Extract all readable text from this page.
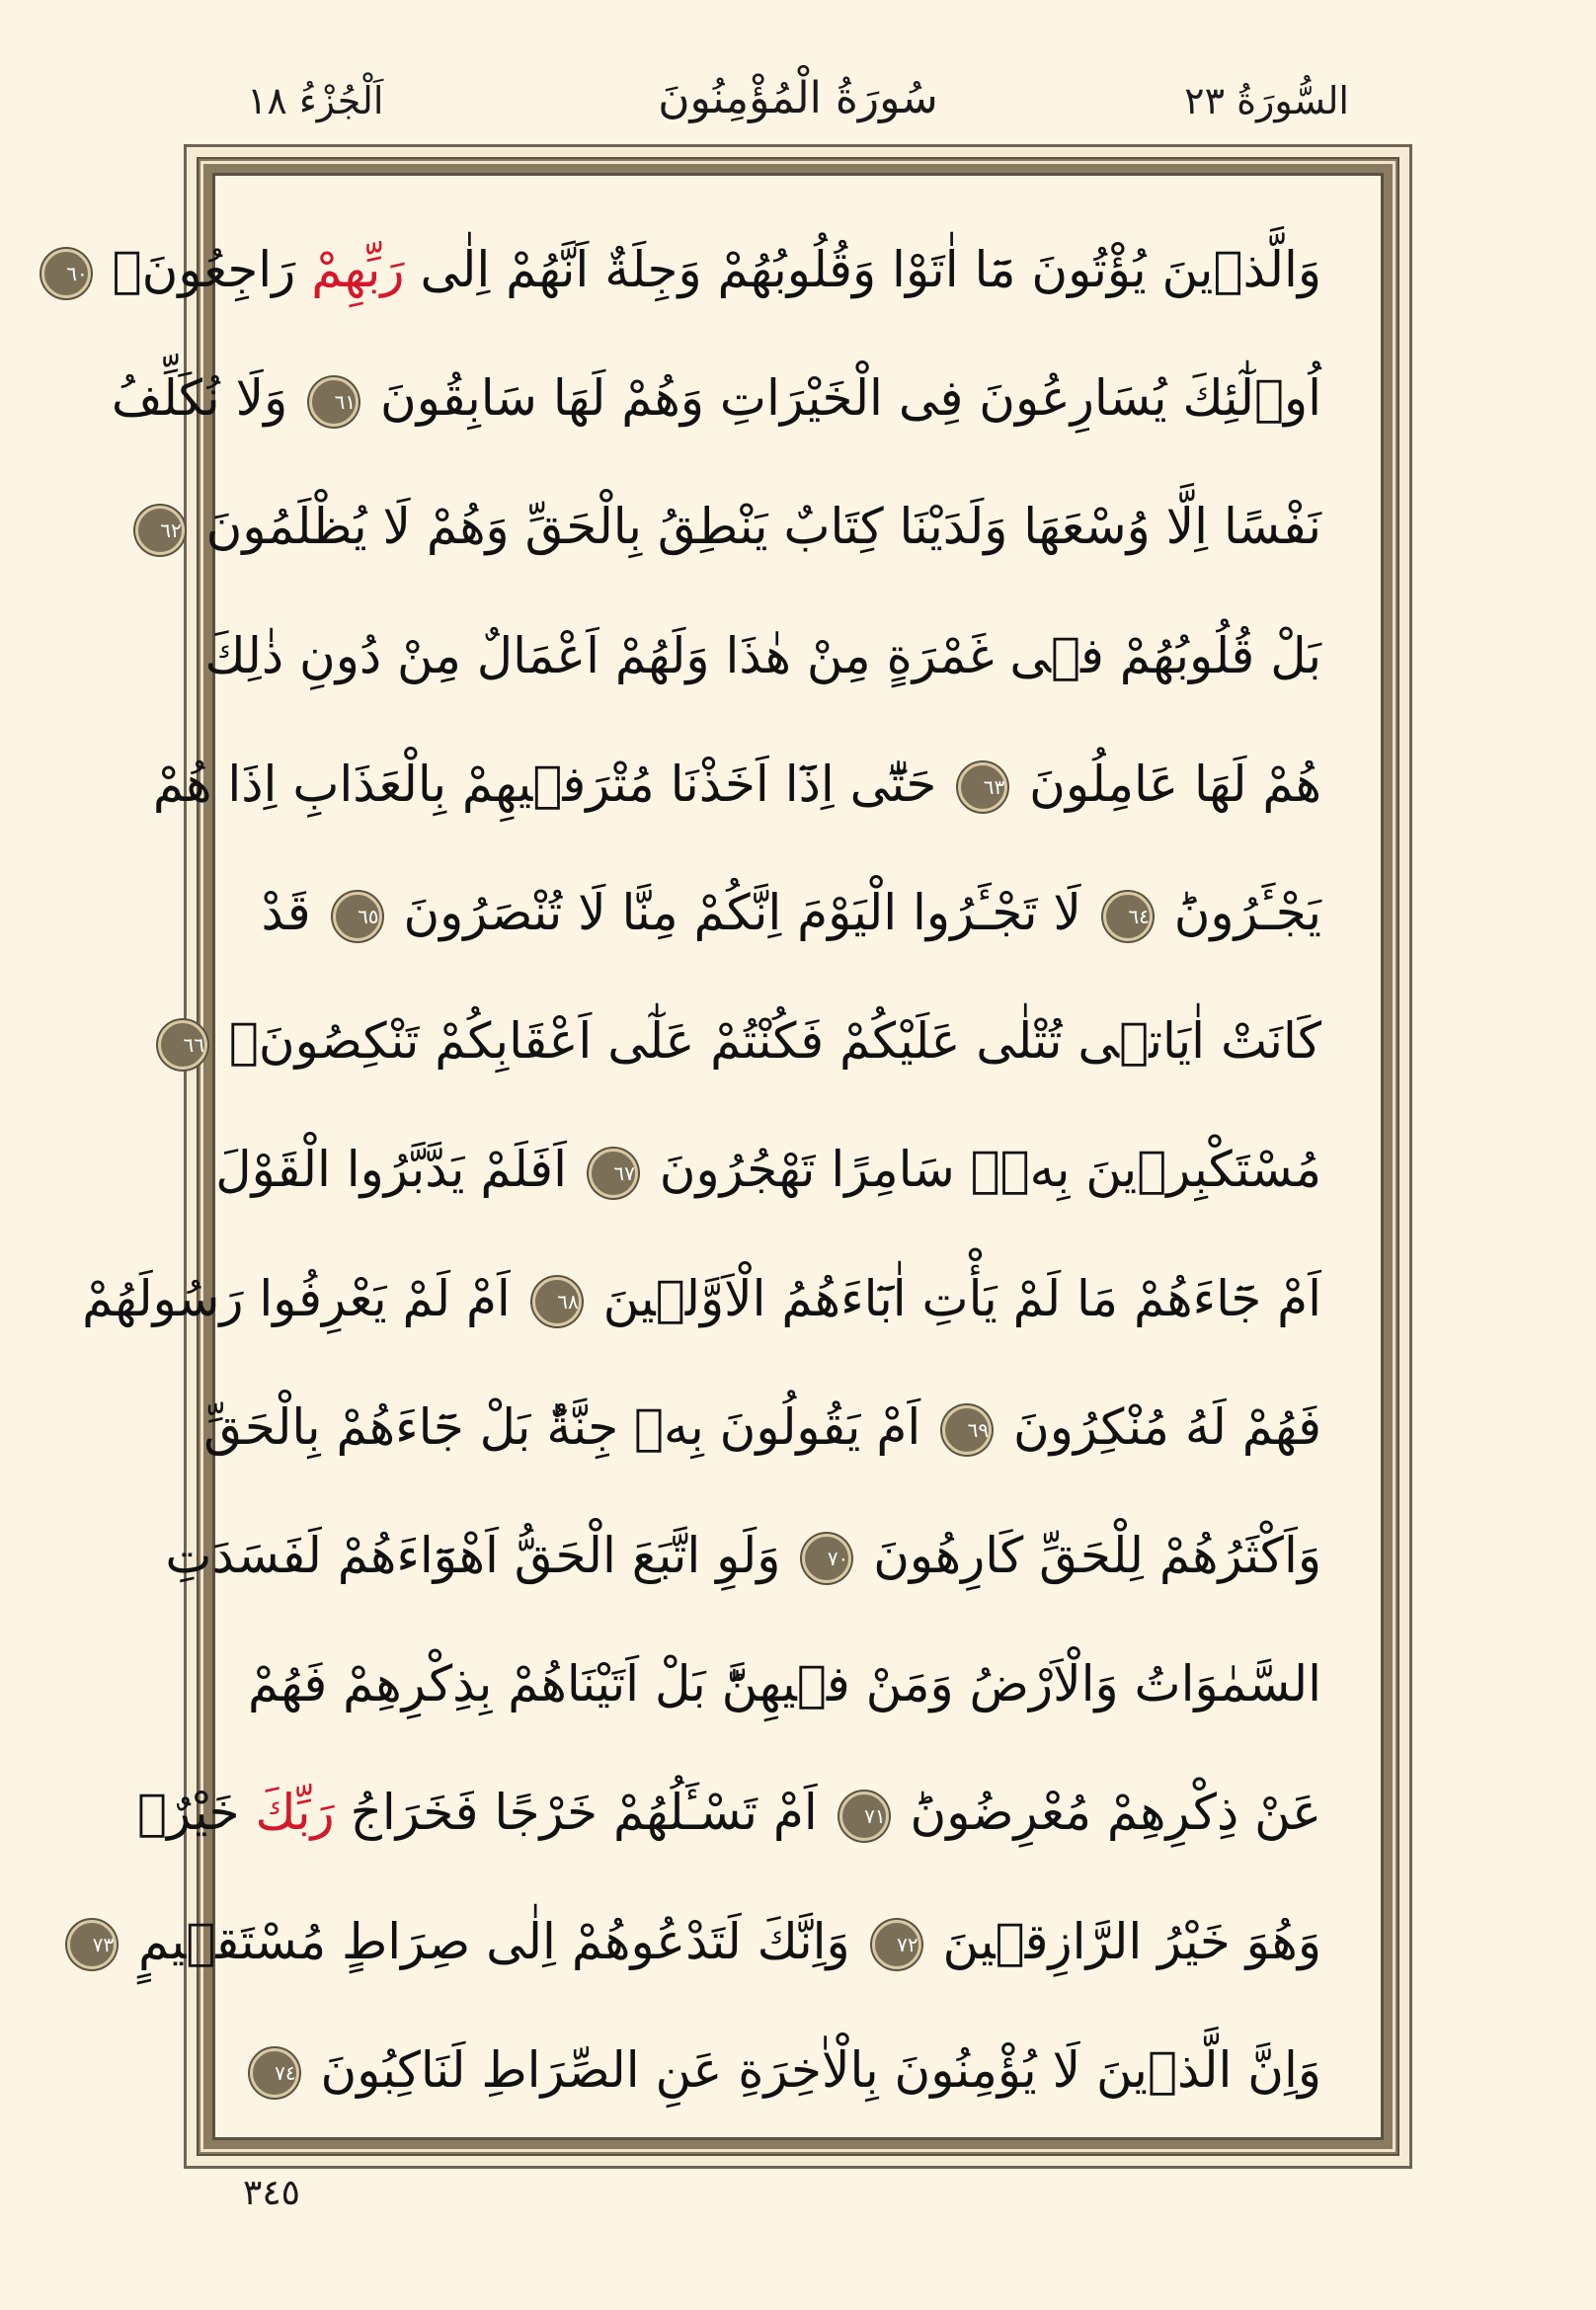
السُّورَةُ ٢٣
سُورَةُ الْمُؤْمِنُونَ
اَلْجُزْءُ ١٨
وَالَّذٖينَ يُؤْتُونَ مَٓا اٰتَوْا وَقُلُوبُهُمْ وَجِلَةٌ اَنَّهُمْ اِلٰى رَبِّهِمْ رَاجِعُونَۙ ٦٠
اُو۬لٰٓئِكَ يُسَارِعُونَ فِى الْخَيْرَاتِ وَهُمْ لَهَا سَابِقُونَ ٦١ وَلَا نُكَلِّفُ
نَفْسًا اِلَّا وُسْعَهَا وَلَدَيْنَا كِتَابٌ يَنْطِقُ بِالْحَقِّ وَهُمْ لَا يُظْلَمُونَ ٦٢
بَلْ قُلُوبُهُمْ فٖى غَمْرَةٍ مِنْ هٰذَا وَلَهُمْ اَعْمَالٌ مِنْ دُونِ ذٰلِكَ
هُمْ لَهَا عَامِلُونَ ٦٣ حَتّٰٓى اِذَٓا اَخَذْنَا مُتْرَفٖيهِمْ بِالْعَذَابِ اِذَا هُمْ
يَجْـَٔرُونَؕ ٦٤ لَا تَجْـَٔرُوا الْيَوْمَ اِنَّكُمْ مِنَّا لَا تُنْصَرُونَ ٦٥ قَدْ
كَانَتْ اٰيَاتٖى تُتْلٰى عَلَيْكُمْ فَكُنْتُمْ عَلٰٓى اَعْقَابِكُمْ تَنْكِصُونَۙ ٦٦
مُسْتَكْبِرٖينَ بِهٖۗ سَامِرًا تَهْجُرُونَ ٦٧ اَفَلَمْ يَدَّبَّرُوا الْقَوْلَ
اَمْ جَٓاءَهُمْ مَا لَمْ يَأْتِ اٰبَٓاءَهُمُ الْاَوَّلٖينَ ٦٨ اَمْ لَمْ يَعْرِفُوا رَسُولَهُمْ
فَهُمْ لَهُ مُنْكِرُونَ ٦٩ اَمْ يَقُولُونَ بِهٖ جِنَّةٌؕ بَلْ جَٓاءَهُمْ بِالْحَقِّ
وَاَكْثَرُهُمْ لِلْحَقِّ كَارِهُونَ ٧٠ وَلَوِ اتَّبَعَ الْحَقُّ اَهْوَٓاءَهُمْ لَفَسَدَتِ
السَّمٰوَاتُ وَالْاَرْضُ وَمَنْ فٖيهِنَّؕ بَلْ اَتَيْنَاهُمْ بِذِكْرِهِمْ فَهُمْ
عَنْ ذِكْرِهِمْ مُعْرِضُونَؕ ٧١ اَمْ تَسْـَٔلُهُمْ خَرْجًا فَخَرَاجُ رَبِّكَ خَيْرٌۗ
وَهُوَ خَيْرُ الرَّازِقٖينَ ٧٢ وَاِنَّكَ لَتَدْعُوهُمْ اِلٰى صِرَاطٍ مُسْتَقٖيمٍ ٧٣
وَاِنَّ الَّذٖينَ لَا يُؤْمِنُونَ بِالْاٰخِرَةِ عَنِ الصِّرَاطِ لَنَاكِبُونَ ٧٤
٣٤٥
